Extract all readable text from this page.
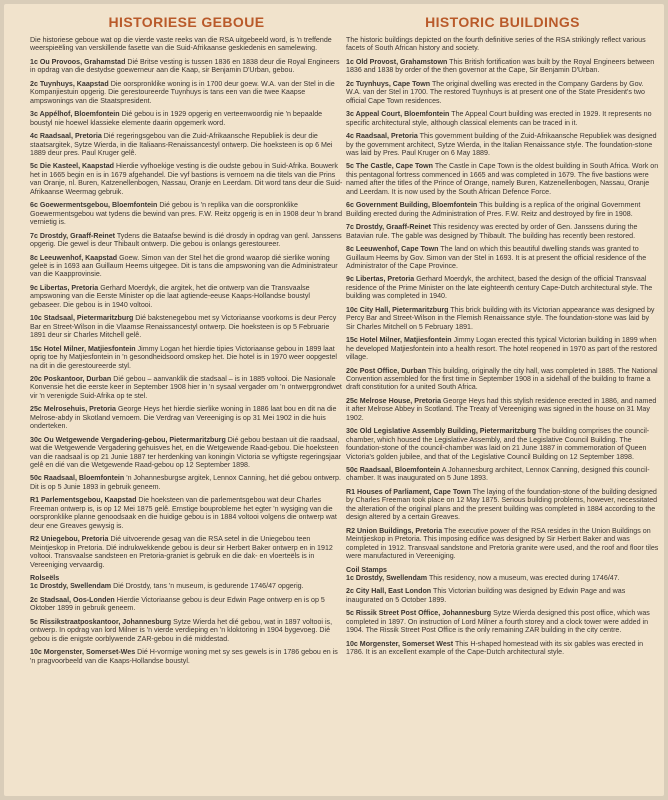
HISTORIESE GEBOUE

Die historiese geboue wat op die vierde vaste reeks van die RSA uitgebeeld word, is 'n treffende weerspieëling van verskillende fasette van die Suid-Afrikaanse geskiedenis en samelewing.

1c Ou Provoos, Grahamstad Dié Britse vesting is tussen 1836 en 1838 deur die Royal Engineers in opdrag van die destydse goewerneur aan die Kaap, sir Benjamin D'Urban, gebou.

2c Tuynhuys, Kaapstad Die oorspronklike woning is in 1700 deur goew. W.A. van der Stel in die Kompanjiestuin opgerig. Die gerestoureerde Tuynhuys is tans een van die twee Kaapse ampswonings van die Staatspresident.

3c Appélhof, Bloemfontein Dié gebou is in 1929 opgerig en verteenwoordig nie 'n bepaalde boustyl nie hoewel klassieke elemente daarin opgemerk word.

4c Raadsaal, Pretoria Dié regeringsgebou van die Zuid-Afrikaansche Republiek is deur die staatsargitek, Sytze Wierda, in die Italiaans-Renaissancestyl ontwerp. Die hoeksteen is op 6 Mei 1889 deur pres. Paul Kruger gelê.

5c Die Kasteel, Kaapstad Hierdie vyfhoekige vesting is die oudste gebou in Suid-Afrika. Bouwerk het in 1665 begin en is in 1679 afgehandel. Die vyf bastions is vernoem na die titels van die Prins van Oranje, nl. Buren, Katzenellenbogen, Nassau, Oranje en Leerdam. Dit word tans deur die Suid-Afrikaanse Weermag gebruik.

6c Goewermentsgebou, Bloemfontein Dié gebou is 'n replika van die oorspronklike Goewermentsgebou wat tydens die bewind van pres. F.W. Reitz opgerig is en in 1908 deur 'n brand vernietig is.

7c Drostdy, Graaff-Reinet Tydens die Bataafse bewind is dié drosdy in opdrag van genl. Janssens opgerig. Die gewel is deur Thibault ontwerp. Die gebou is onlangs gerestoureer.

8c Leeuwenhof, Kaapstad Goew. Simon van der Stel het die grond waarop dié sierlike woning geleë is in 1693 aan Guillaum Heems uitgegee. Dit is tans die ampswoning van die Administrateur van die Kaapprovinsie.

9c Libertas, Pretoria Gerhard Moerdyk, die argitek, het die ontwerp van die Transvaalse ampswoning van die Eerste Minister op die laat agtiende-eeuse Kaaps-Hollandse boustyl gebaseer. Die gebou is in 1940 voltooi.

10c Stadsaal, Pietermaritzburg Dié bakstenegebou met sy Victoriaanse voorkoms is deur Percy Bar en Street-Wilson in die Vlaamse Renaissancestyl ontwerp. Die hoeksteen is op 5 Februarie 1891 deur sir Charles Mitchell gelê.

15c Hotel Milner, Matjiesfontein Jimmy Logan het hierdie tipies Victoriaanse gebou in 1899 laat oprig toe hy Matjiesfontein in 'n gesondheidsoord omskep het. Die hotel is in 1970 weer oopgestel na dit in die gerestoureerde styl.

20c Poskantoor, Durban Dié gebou – aanvanklik die stadsaal – is in 1885 voltooi. Die Nasionale Konvensie het die eerste keer in September 1908 hier in 'n sysaal vergader om 'n ontwerpgrondwet vir 'n verenigde Suid-Afrika op te stel.

25c Melrosehuis, Pretoria George Heys het hierdie sierlike woning in 1886 laat bou en dit na die Melrose-abdy in Skotland vernoem. Die Verdrag van Vereeniging is op 31 Mei 1902 in die huis onderteken.

30c Ou Wetgewende Vergadering-gebou, Pietermaritzburg Dié gebou bestaan uit die raadsaal, wat die Wetgewende Vergadering gehuisves het, en die Wetgewende Raad-gebou. Die hoeksteen van die raadsaal is op 21 Junie 1887 ter herdenking van koningin Victoria se vyftigste regeringsjaar gelê en dié van die Wetgewende Raad-gebou op 12 September 1898.

50c Raadsaal, Bloemfontein 'n Johannesburgse argitek, Lennox Canning, het dié gebou ontwerp. Dit is op 5 Junie 1893 in gebruik geneem.

R1 Parlementsgebou, Kaapstad Die hoeksteen van die parlementsgebou wat deur Charles Freeman ontwerp is, is op 12 Mei 1875 gelê. Ernstige bouprobleme het egter 'n wysiging van die oorspronklike planne genoodsaak en die huidige gebou is in 1884 voltooi volgens die ontwerp wat deur ene Greaves gewysig is.

R2 Uniegebou, Pretoria Dié uitvoerende gesag van die RSA setel in die Uniegebou teen Meintjeskop in Pretoria. Dié indrukwekkende gebou is deur sir Herbert Baker ontwerp en in 1912 voltooi. Transvaalse sandsteen en Pretoria-graniet is gebruik en die dak- en vloerteëls is in Vereeniging vervaardig.

Rolseëls

1c Drostdy, Swellendam Dié Drostdy, tans 'n museum, is gedurende 1746/47 opgerig.

2c Stadsaal, Oos-Londen Hierdie Victoriaanse gebou is deur Edwin Page ontwerp en is op 5 Oktober 1899 in gebruik geneem.

5c Rissikstraatposkantoor, Johannesburg Sytze Wierda het dié gebou, wat in 1897 voltooi is, ontwerp. In opdrag van lord Milner is 'n vierde verdieping en 'n kloktoring in 1904 bygevoeg. Dié gebou is die enigste oorblywende ZAR-gebou in dié middestad.

10c Morgenster, Somerset-Wes Dié H-vormige woning met sy ses gewels is in 1786 gebou en is 'n pragvoorbeeld van die Kaaps-Hollandse boustyl.

HISTORIC BUILDINGS

The historic buildings depicted on the fourth definitive series of the RSA strikingly reflect various facets of South African history and society.

1c Old Provost, Grahamstown This British fortification was built by the Royal Engineers between 1836 and 1838 by order of the then governor at the Cape, Sir Benjamin D'Urban.

2c Tuynhuys, Cape Town The original dwelling was erected in the Company Gardens by Gov. W.A. van der Stel in 1700. The restored Tuynhuys is at present one of the State President's two official Cape Town residences.

3c Appeal Court, Bloemfontein The Appeal Court building was erected in 1929. It represents no specific architectural style, although classical elements can be traced in it.

4c Raadsaal, Pretoria This government building of the Zuid-Afrikaansche Republiek was designed by the government architect, Sytze Wierda, in the Italian Renaissance style. The foundation-stone was laid by Pres. Paul Kruger on 6 May 1889.

5c The Castle, Cape Town The Castle in Cape Town is the oldest building in South Africa. Work on this pentagonal fortress commenced in 1665 and was completed in 1679. The five bastions were named after the titles of the Prince of Orange, namely Buren, Katzenellenbogen, Nassau, Oranje and Leerdam. It is now used by the South African Defence Force.

6c Government Building, Bloemfontein This building is a replica of the original Government Building erected during the Administration of Pres. F.W. Reitz and destroyed by fire in 1908.

7c Drostdy, Graaff-Reinet This residency was erected by order of Gen. Janssens during the Batavian rule. The gable was designed by Thibault. The building has recently been restored.

8c Leeuwenhof, Cape Town The land on which this beautiful dwelling stands was granted to Guillaum Heems by Gov. Simon van der Stel in 1693. It is at present the official residence of the Administrator of the Cape Province.

9c Libertas, Pretoria Gerhard Moerdyk, the architect, based the design of the official Transvaal residence of the Prime Minister on the late eighteenth century Cape-Dutch architectural style. The building was completed in 1940.

10c City Hall, Pietermaritzburg This brick building with its Victorian appearance was designed by Percy Bar and Street-Wilson in the Flemish Renaissance style. The foundation-stone was laid by Sir Charles Mitchell on 5 February 1891.

15c Hotel Milner, Matjiesfontein Jimmy Logan erected this typical Victorian building in 1899 when he developed Matjiesfontein into a health resort. The hotel reopened in 1970 as part of the restored village.

20c Post Office, Durban This building, originally the city hall, was completed in 1885. The National Convention assembled for the first time in September 1908 in a sidehall of the building to frame a draft constitution for a united South Africa.

25c Melrose House, Pretoria George Heys had this stylish residence erected in 1886, and named it after Melrose Abbey in Scotland. The Treaty of Vereeniging was signed in the house on 31 May 1902.

30c Old Legislative Assembly Building, Pietermaritzburg The building comprises the council-chamber, which housed the Legislative Assembly, and the Legislative Council Building. The foundation-stone of the council-chamber was laid on 21 June 1887 in commemoration of Queen Victoria's golden jubilee, and that of the Legislative Council Building on 12 September 1898.

50c Raadsaal, Bloemfontein A Johannesburg architect, Lennox Canning, designed this council-chamber. It was inaugurated on 5 June 1893.

R1 Houses of Parliament, Cape Town The laying of the foundation-stone of the building designed by Charles Freeman took place on 12 May 1875. Serious building problems, however, necessitated the alteration of the original plans and the present building was completed in 1884 according to the design altered by a certain Greaves.

R2 Union Buildings, Pretoria The executive power of the RSA resides in the Union Buildings on Meintjieskop in Pretoria. This imposing edifice was designed by Sir Herbert Baker and was completed in 1912. Transvaal sandstone and Pretoria granite were used, and the roof and floor tiles were manufactured in Vereeniging.

Coil Stamps

1c Drostdy, Swellendam This residency, now a museum, was erected during 1746/47.

2c City Hall, East London This Victorian building was designed by Edwin Page and was inaugurated on 5 October 1899.

5c Rissik Street Post Office, Johannesburg Sytze Wierda designed this post office, which was completed in 1897. On instruction of Lord Milner a fourth storey and a clock tower were added in 1904. The Rissik Street Post Office is the only remaining ZAR building in the city centre.

10c Morgenster, Somerset West This H-shaped homestead with its six gables was erected in 1786. It is an excellent example of the Cape-Dutch architectural style.
